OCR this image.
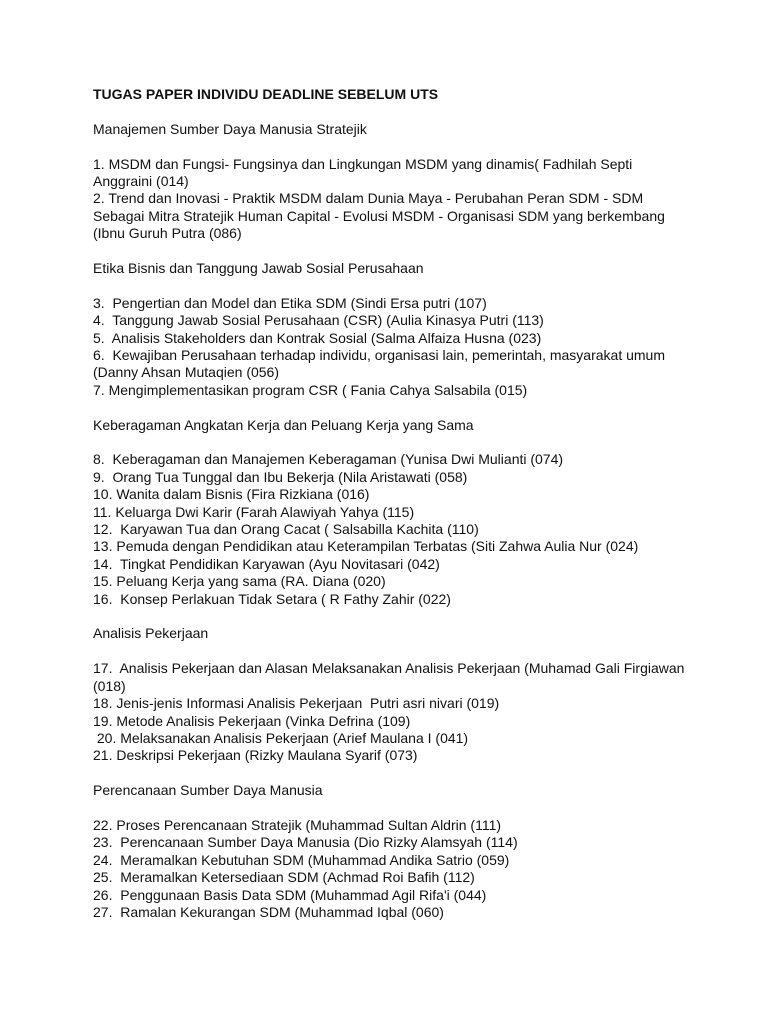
TUGAS PAPER INDIVIDU DEADLINE SEBELUM UTS

Manajemen Sumber Daya Manusia Stratejik

1. MSDM dan Fungsi- Fungsinya dan Lingkungan MSDM yang dinamis( Fadhilah Septi Anggraini (014)

2. Trend dan Inovasi - Praktik MSDM dalam Dunia Maya - Perubahan Peran SDM - SDM Sebagai Mitra Stratejik Human Capital - Evolusi MSDM - Organisasi SDM yang berkembang (Ibnu Guruh Putra (086)

Etika Bisnis dan Tanggung Jawab Sosial Perusahaan

3.  Pengertian dan Model dan Etika SDM (Sindi Ersa putri (107)

4.  Tanggung Jawab Sosial Perusahaan (CSR) (Aulia Kinasya Putri (113)

5.  Analisis Stakeholders dan Kontrak Sosial (Salma Alfaiza Husna (023)

6.  Kewajiban Perusahaan terhadap individu, organisasi lain, pemerintah, masyarakat umum (Danny Ahsan Mutaqien (056)

7. Mengimplementasikan program CSR ( Fania Cahya Salsabila (015)

Keberagaman Angkatan Kerja dan Peluang Kerja yang Sama

8.  Keberagaman dan Manajemen Keberagaman (Yunisa Dwi Mulianti (074)

9.  Orang Tua Tunggal dan Ibu Bekerja (Nila Aristawati (058)

10. Wanita dalam Bisnis (Fira Rizkiana (016)

11. Keluarga Dwi Karir (Farah Alawiyah Yahya (115)

12.  Karyawan Tua dan Orang Cacat ( Salsabilla Kachita (110)

13. Pemuda dengan Pendidikan atau Keterampilan Terbatas (Siti Zahwa Aulia Nur (024)

14.  Tingkat Pendidikan Karyawan (Ayu Novitasari (042)

15. Peluang Kerja yang sama (RA. Diana (020)

16.  Konsep Perlakuan Tidak Setara ( R Fathy Zahir (022)

Analisis Pekerjaan

17.  Analisis Pekerjaan dan Alasan Melaksanakan Analisis Pekerjaan (Muhamad Gali Firgiawan (018)

18. Jenis-jenis Informasi Analisis Pekerjaan  Putri asri nivari (019)

19. Metode Analisis Pekerjaan (Vinka Defrina (109)

20. Melaksanakan Analisis Pekerjaan (Arief Maulana I (041)

21. Deskripsi Pekerjaan (Rizky Maulana Syarif (073)

Perencanaan Sumber Daya Manusia

22. Proses Perencanaan Stratejik (Muhammad Sultan Aldrin (111)

23.  Perencanaan Sumber Daya Manusia (Dio Rizky Alamsyah (114)

24.  Meramalkan Kebutuhan SDM (Muhammad Andika Satrio (059)

25.  Meramalkan Ketersediaan SDM (Achmad Roi Bafih (112)

26.  Penggunaan Basis Data SDM (Muhammad Agil Rifa'i (044)

27.  Ramalan Kekurangan SDM (Muhammad Iqbal (060)
